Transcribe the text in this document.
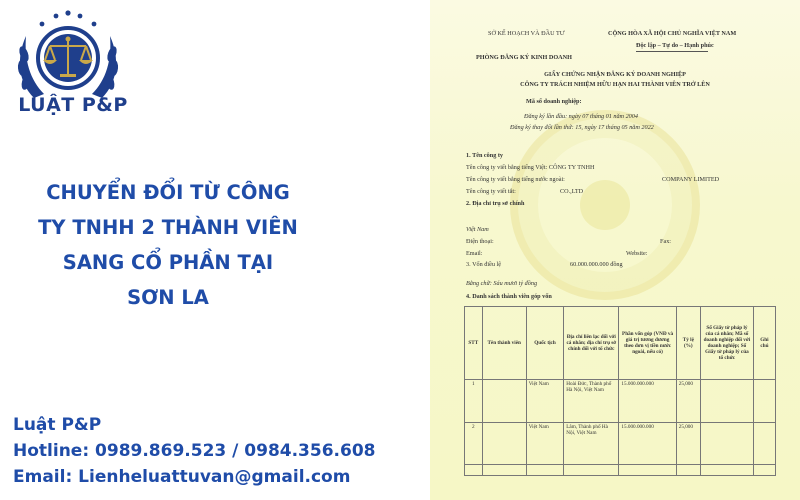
LUẬT P&P
CHUYỂN ĐỔI TỪ CÔNG
TY TNHH 2 THÀNH VIÊN
SANG CỔ PHẦN TẠI
SƠN LA
Luật P&P
Hotline: 0989.869.523 / 0984.356.608
Email: Lienheluattuvan@gmail.com
SỞ KẾ HOẠCH VÀ ĐẦU TƯ
PHÒNG ĐĂNG KÝ KINH DOANH
CỘNG HÒA XÃ HỘI CHỦ NGHĨA VIỆT NAM
Độc lập – Tự do – Hạnh phúc
GIẤY CHỨNG NHẬN ĐĂNG KÝ DOANH NGHIỆP
CÔNG TY TRÁCH NHIỆM HỮU HẠN HAI THÀNH VIÊN TRỞ LÊN
Mã số doanh nghiệp:
Đăng ký lần đầu: ngày 07 tháng 01 năm 2004
Đăng ký thay đổi lần thứ: 15, ngày 17 tháng 05 năm 2022
1. Tên công ty
Tên công ty viết bằng tiếng Việt: CÔNG TY TNHH
Tên công ty viết bằng tiếng nước ngoài:	COMPANY LIMITED
Tên công ty viết tắt:	CO.,LTD
2. Địa chỉ trụ sở chính
Việt Nam
Điện thoại:	Fax:
Email:	Website:
3. Vốn điều lệ	60.000.000.000 đồng
Bằng chữ: Sáu mươi tỷ đồng
4. Danh sách thành viên góp vốn
STT	Tên thành viên	Quốc tịch	Địa chỉ liên lạc đối với cá nhân; địa chỉ trụ sở chính đối với tổ chức	Phần vốn góp (VNĐ và giá trị tương đương theo đơn vị tiền nước ngoài, nếu có)	Tỷ lệ (%)	Số Giấy tờ pháp lý của cá nhân; Mã số doanh nghiệp đối với doanh nghiệp; Số Giấy tờ pháp lý của tổ chức	Ghi chú
1		Việt Nam	Hoài Đức, Thành phố Hà Nội, Việt Nam	15.000.000.000	25,000		
2		Việt Nam	Lâm, Thành phố Hà Nội, Việt Nam	15.000.000.000	25,000		
